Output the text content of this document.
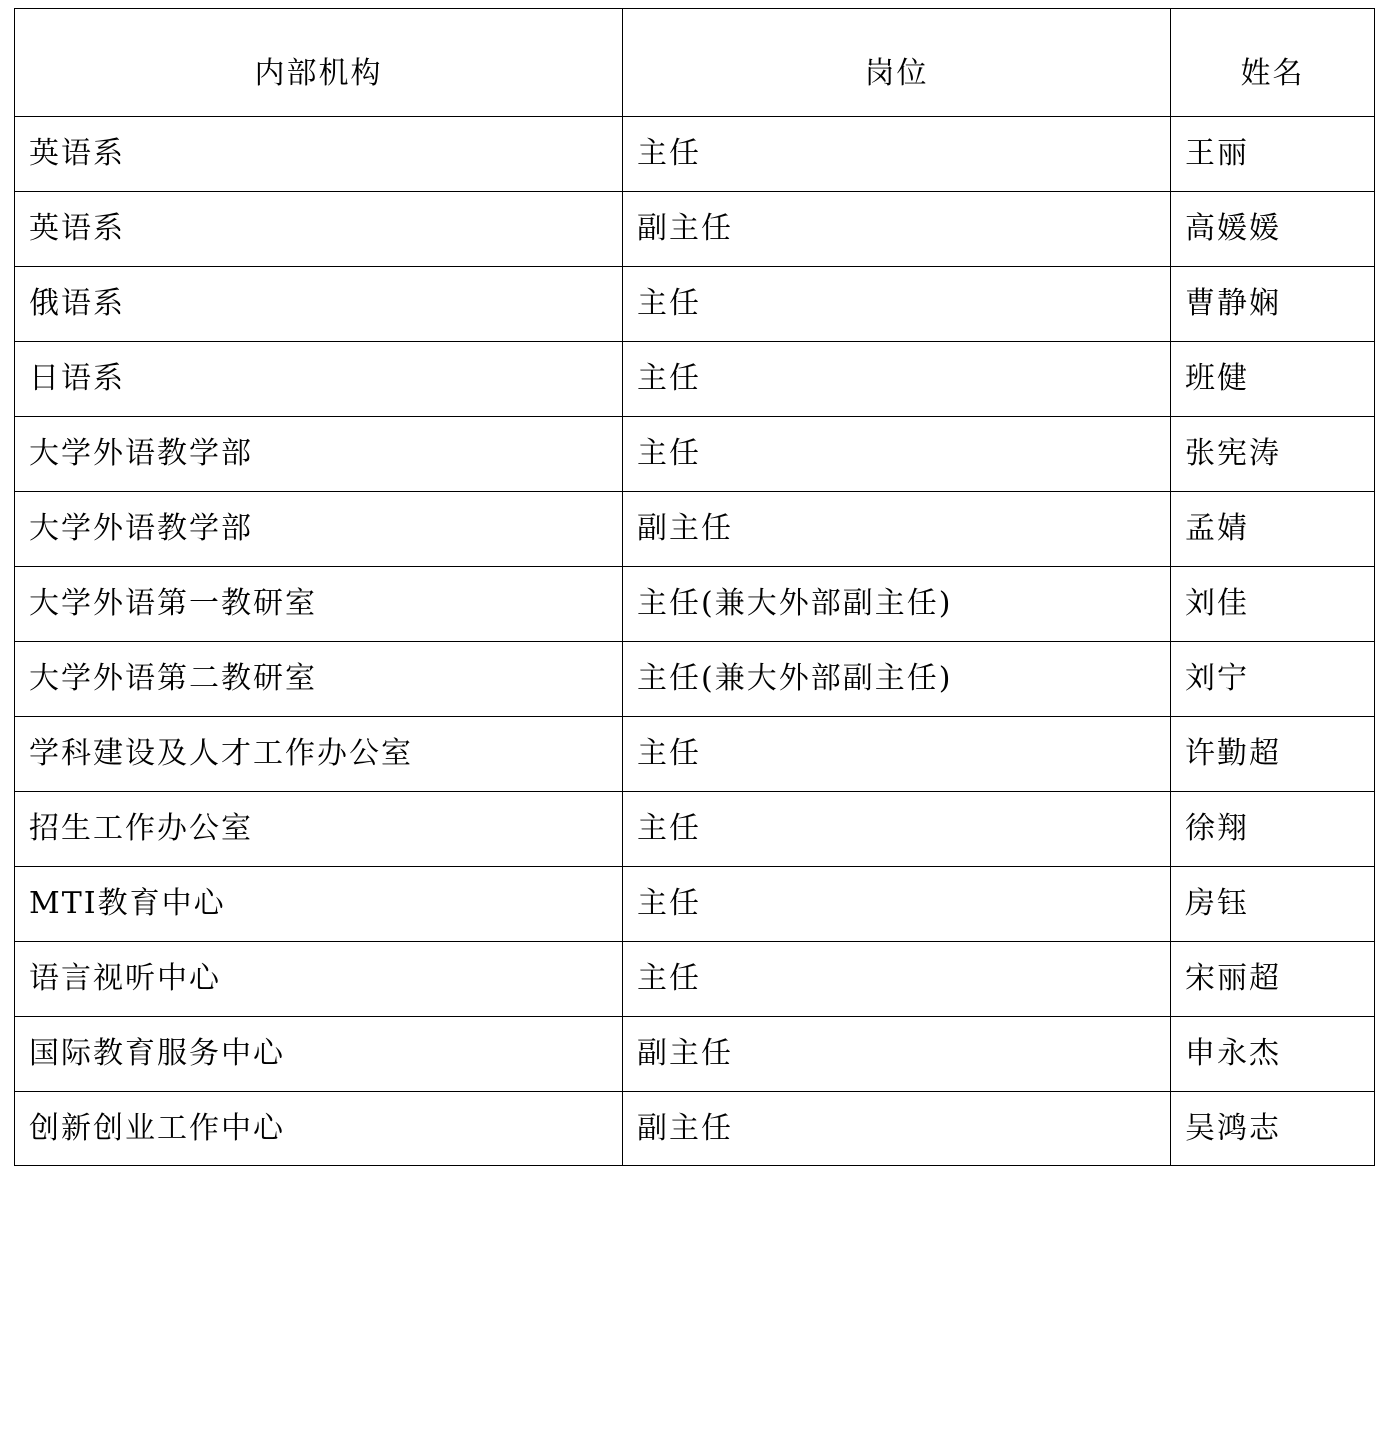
内部机构	岗位	姓名
英语系	主任	王丽
英语系	副主任	高媛媛
俄语系	主任	曹静娴
日语系	主任	班健
大学外语教学部	主任	张宪涛
大学外语教学部	副主任	孟婧
大学外语第一教研室	主任(兼大外部副主任)	刘佳
大学外语第二教研室	主任(兼大外部副主任)	刘宁
学科建设及人才工作办公室	主任	许勤超
招生工作办公室	主任	徐翔
MTI教育中心	主任	房钰
语言视听中心	主任	宋丽超
国际教育服务中心	副主任	申永杰
创新创业工作中心	副主任	吴鸿志
